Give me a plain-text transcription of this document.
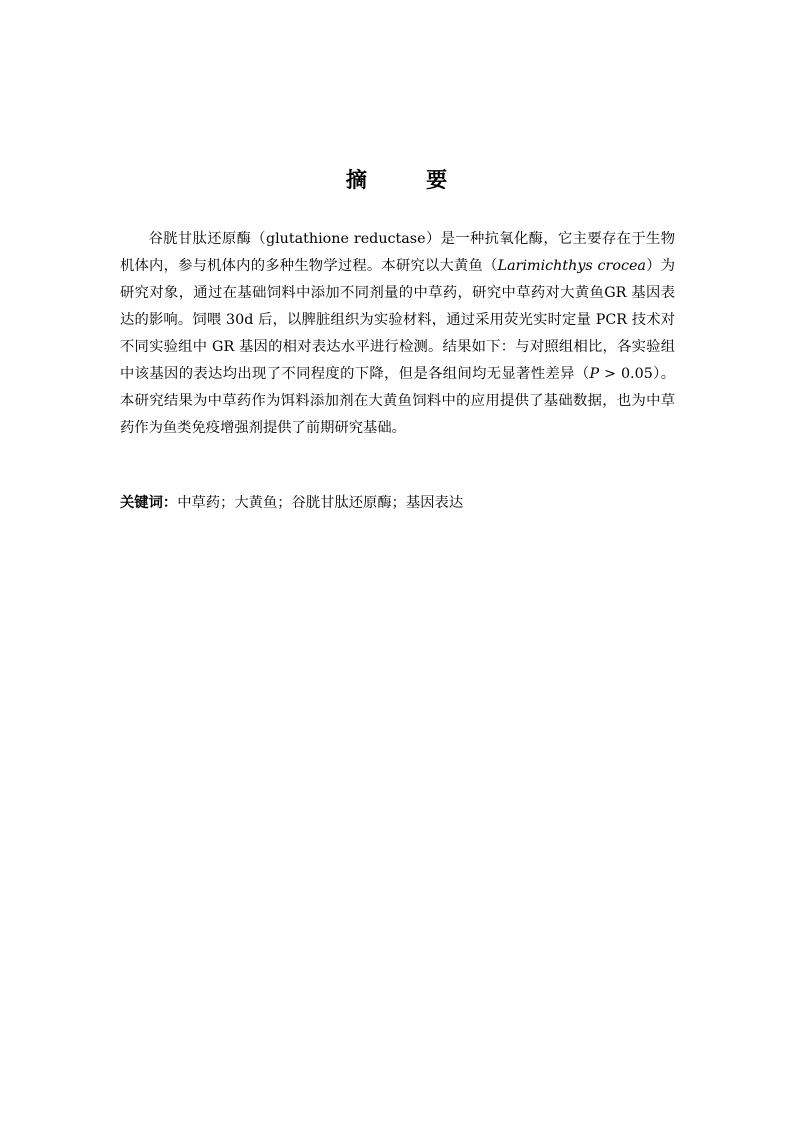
摘 要

谷胱甘肽还原酶（glutathione reductase）是一种抗氧化酶，它主要存在于生物机体内，参与机体内的多种生物学过程。本研究以大黄鱼（Larimichthys crocea）为研究对象，通过在基础饲料中添加不同剂量的中草药，研究中草药对大黄鱼GR 基因表达的影响。饲喂 30d 后，以脾脏组织为实验材料，通过采用荧光实时定量 PCR 技术对不同实验组中 GR 基因的相对表达水平进行检测。结果如下：与对照组相比，各实验组中该基因的表达均出现了不同程度的下降，但是各组间均无显著性差异（P > 0.05）。本研究结果为中草药作为饵料添加剂在大黄鱼饲料中的应用提供了基础数据，也为中草药作为鱼类免疫增强剂提供了前期研究基础。

关键词：中草药；大黄鱼；谷胱甘肽还原酶；基因表达
